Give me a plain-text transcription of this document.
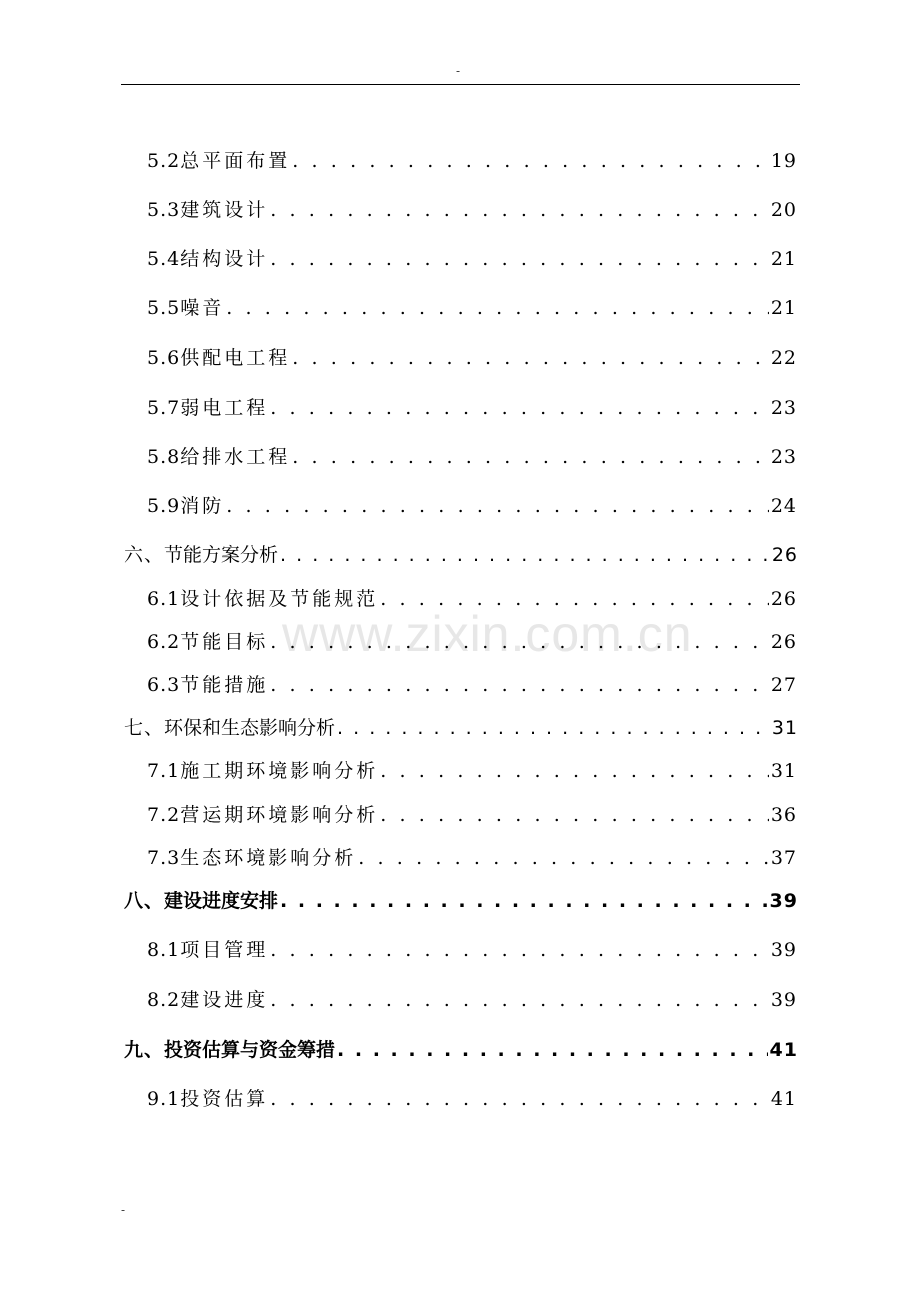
-
www.zixin.com.cn
5.2 总平面布置 . . .	19
5.3 建筑设计 . . .	20
5.4 结构设计 . . .	21
5.5 噪音 . . .	21
5.6 供配电工程 . . .	22
5.7 弱电工程 . . .	23
5.8 给排水工程 . . .	23
5.9 消防 . . .	24
六、 节能方案分析 . . .	26
6.1 设计依据及节能规范 . . .	26
6.2 节能目标 . . .	26
6.3 节能措施 . . .	27
七、 环保和生态影响分析 . . .	31
7.1 施工期环境影响分析 . . .	31
7.2 营运期环境影响分析 . . .	36
7.3 生态环境影响分析 . . .	37
八、 建设进度安排 . . .	39
8.1 项目管理 . . .	39
8.2 建设进度 . . .	39
九、 投资估算与资金筹措 . . .	41
9.1 投资估算 . . .	41
-
